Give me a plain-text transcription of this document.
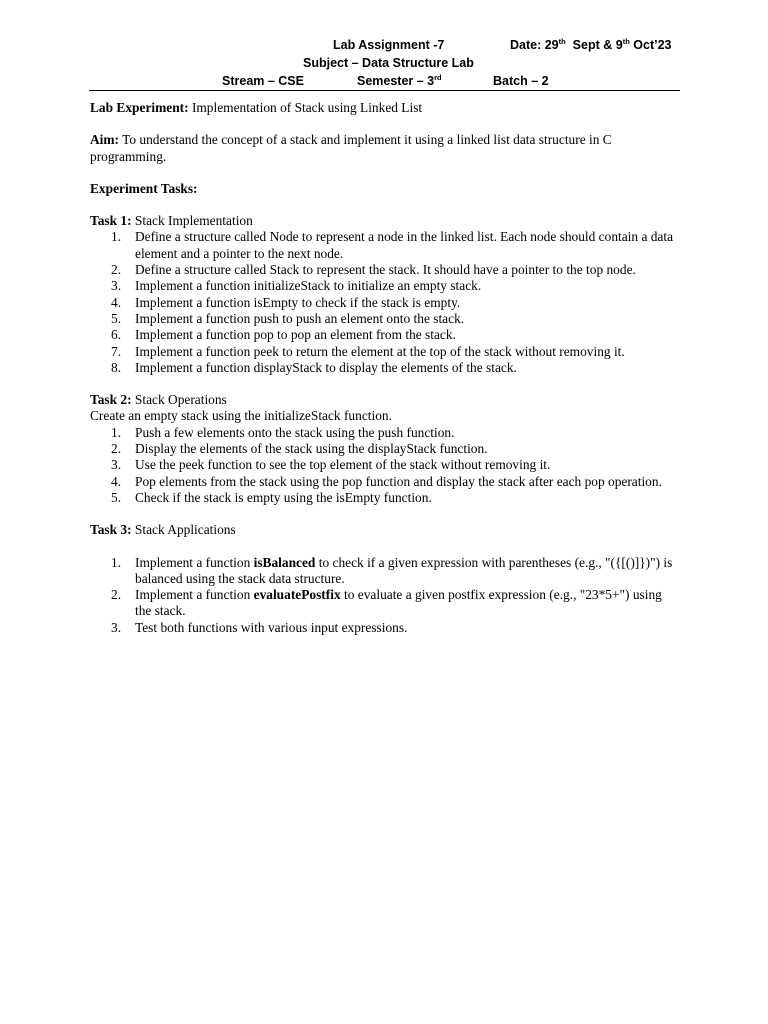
Lab Assignment -7	Date: 29th  Sept & 9th Oct’23
Subject – Data Structure Lab
Stream – CSE	Semester – 3rd	Batch – 2

Lab Experiment: Implementation of Stack using Linked List

Aim: To understand the concept of a stack and implement it using a linked list data structure in C programming.

Experiment Tasks:

Task 1: Stack Implementation

1.	Define a structure called Node to represent a node in the linked list. Each node should contain a data element and a pointer to the next node.
2.	Define a structure called Stack to represent the stack. It should have a pointer to the top node.
3.	Implement a function initializeStack to initialize an empty stack.
4.	Implement a function isEmpty to check if the stack is empty.
5.	Implement a function push to push an element onto the stack.
6.	Implement a function pop to pop an element from the stack.
7.	Implement a function peek to return the element at the top of the stack without removing it.
8.	Implement a function displayStack to display the elements of the stack.

Task 2: Stack Operations

Create an empty stack using the initializeStack function.

1.	Push a few elements onto the stack using the push function.
2.	Display the elements of the stack using the displayStack function.
3.	Use the peek function to see the top element of the stack without removing it.
4.	Pop elements from the stack using the pop function and display the stack after each pop operation.
5.	Check if the stack is empty using the isEmpty function.

Task 3: Stack Applications

1.	Implement a function isBalanced to check if a given expression with parentheses (e.g., "({[()]})") is balanced using the stack data structure.
2.	Implement a function evaluatePostfix to evaluate a given postfix expression (e.g., "23*5+") using the stack.
3.	Test both functions with various input expressions.
